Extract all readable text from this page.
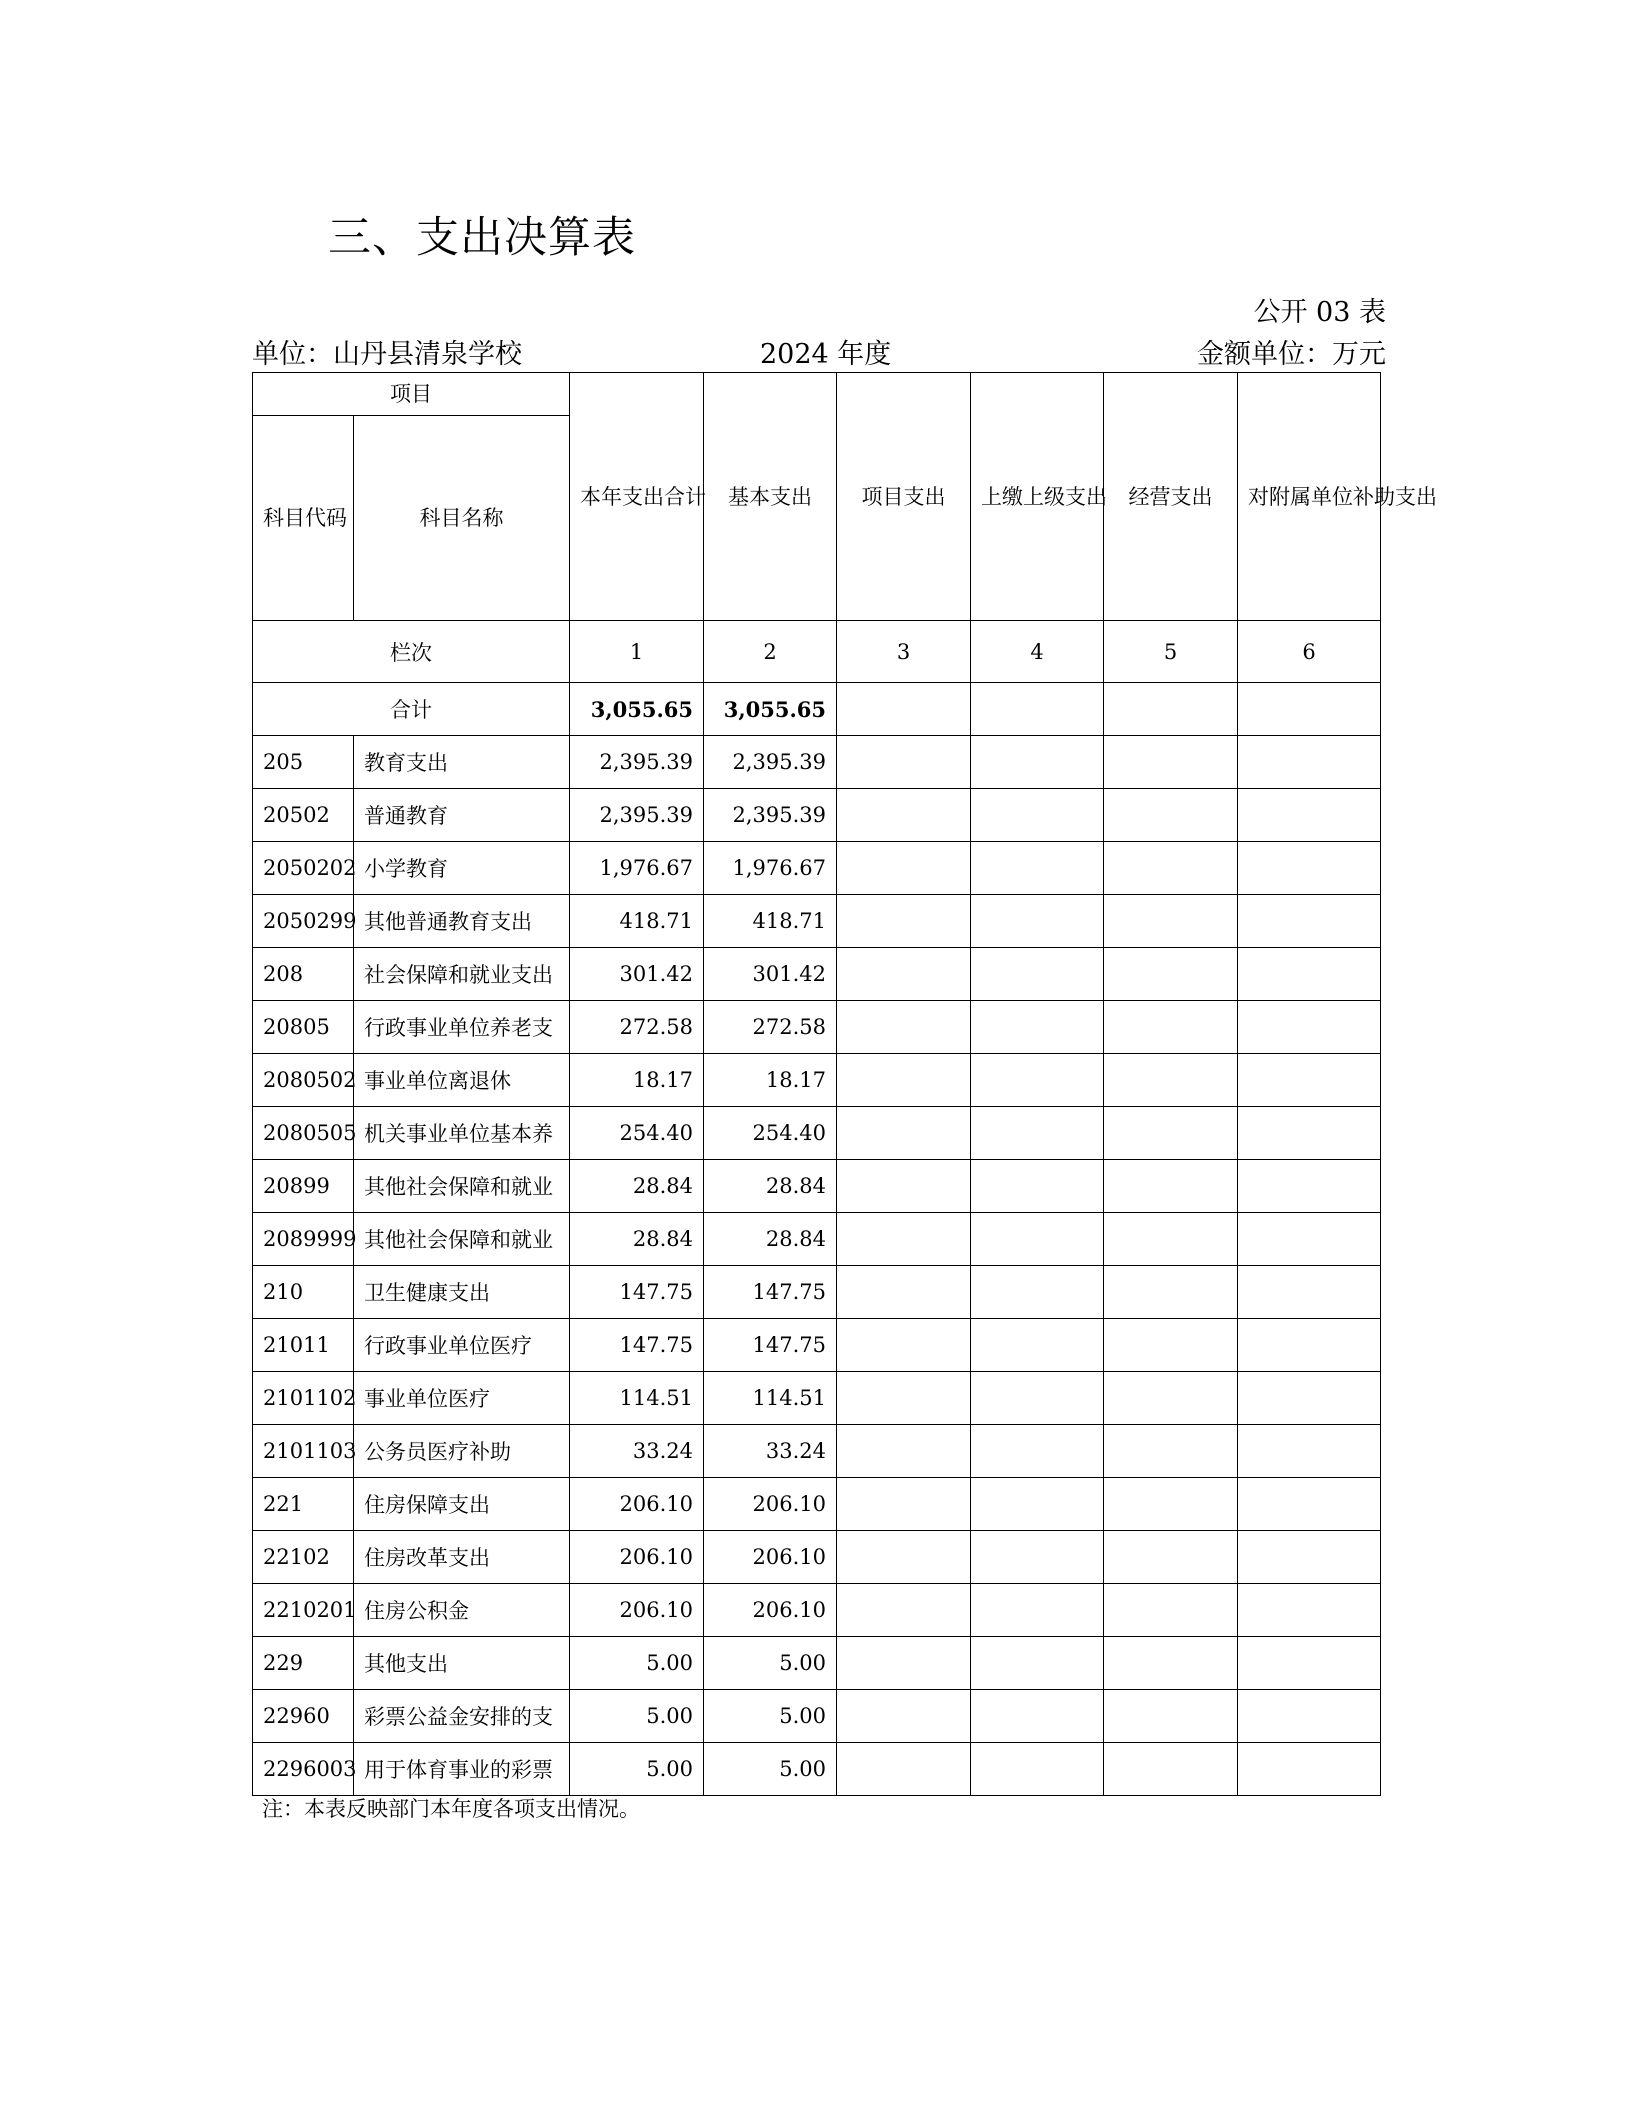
三、支出决算表
公开 03 表
单位：山丹县清泉学校	2024 年度	金额单位：万元
项目		本年支出合计	基本支出	项目支出	上缴上级支出	经营支出	对附属单位补助支出
科目代码	科目名称						
栏次		1	2	3	4	5	6
合计		3,055.65	3,055.65				
205	教育支出	2,395.39	2,395.39				
20502	普通教育	2,395.39	2,395.39				
2050202	小学教育	1,976.67	1,976.67				
2050299	其他普通教育支出	418.71	418.71				
208	社会保障和就业支出	301.42	301.42				
20805	行政事业单位养老支	272.58	272.58				
2080502	事业单位离退休	18.17	18.17				
2080505	机关事业单位基本养	254.40	254.40				
20899	其他社会保障和就业	28.84	28.84				
2089999	其他社会保障和就业	28.84	28.84				
210	卫生健康支出	147.75	147.75				
21011	行政事业单位医疗	147.75	147.75				
2101102	事业单位医疗	114.51	114.51				
2101103	公务员医疗补助	33.24	33.24				
221	住房保障支出	206.10	206.10				
22102	住房改革支出	206.10	206.10				
2210201	住房公积金	206.10	206.10				
229	其他支出	5.00	5.00				
22960	彩票公益金安排的支	5.00	5.00				
2296003	用于体育事业的彩票	5.00	5.00				
注：本表反映部门本年度各项支出情况。
